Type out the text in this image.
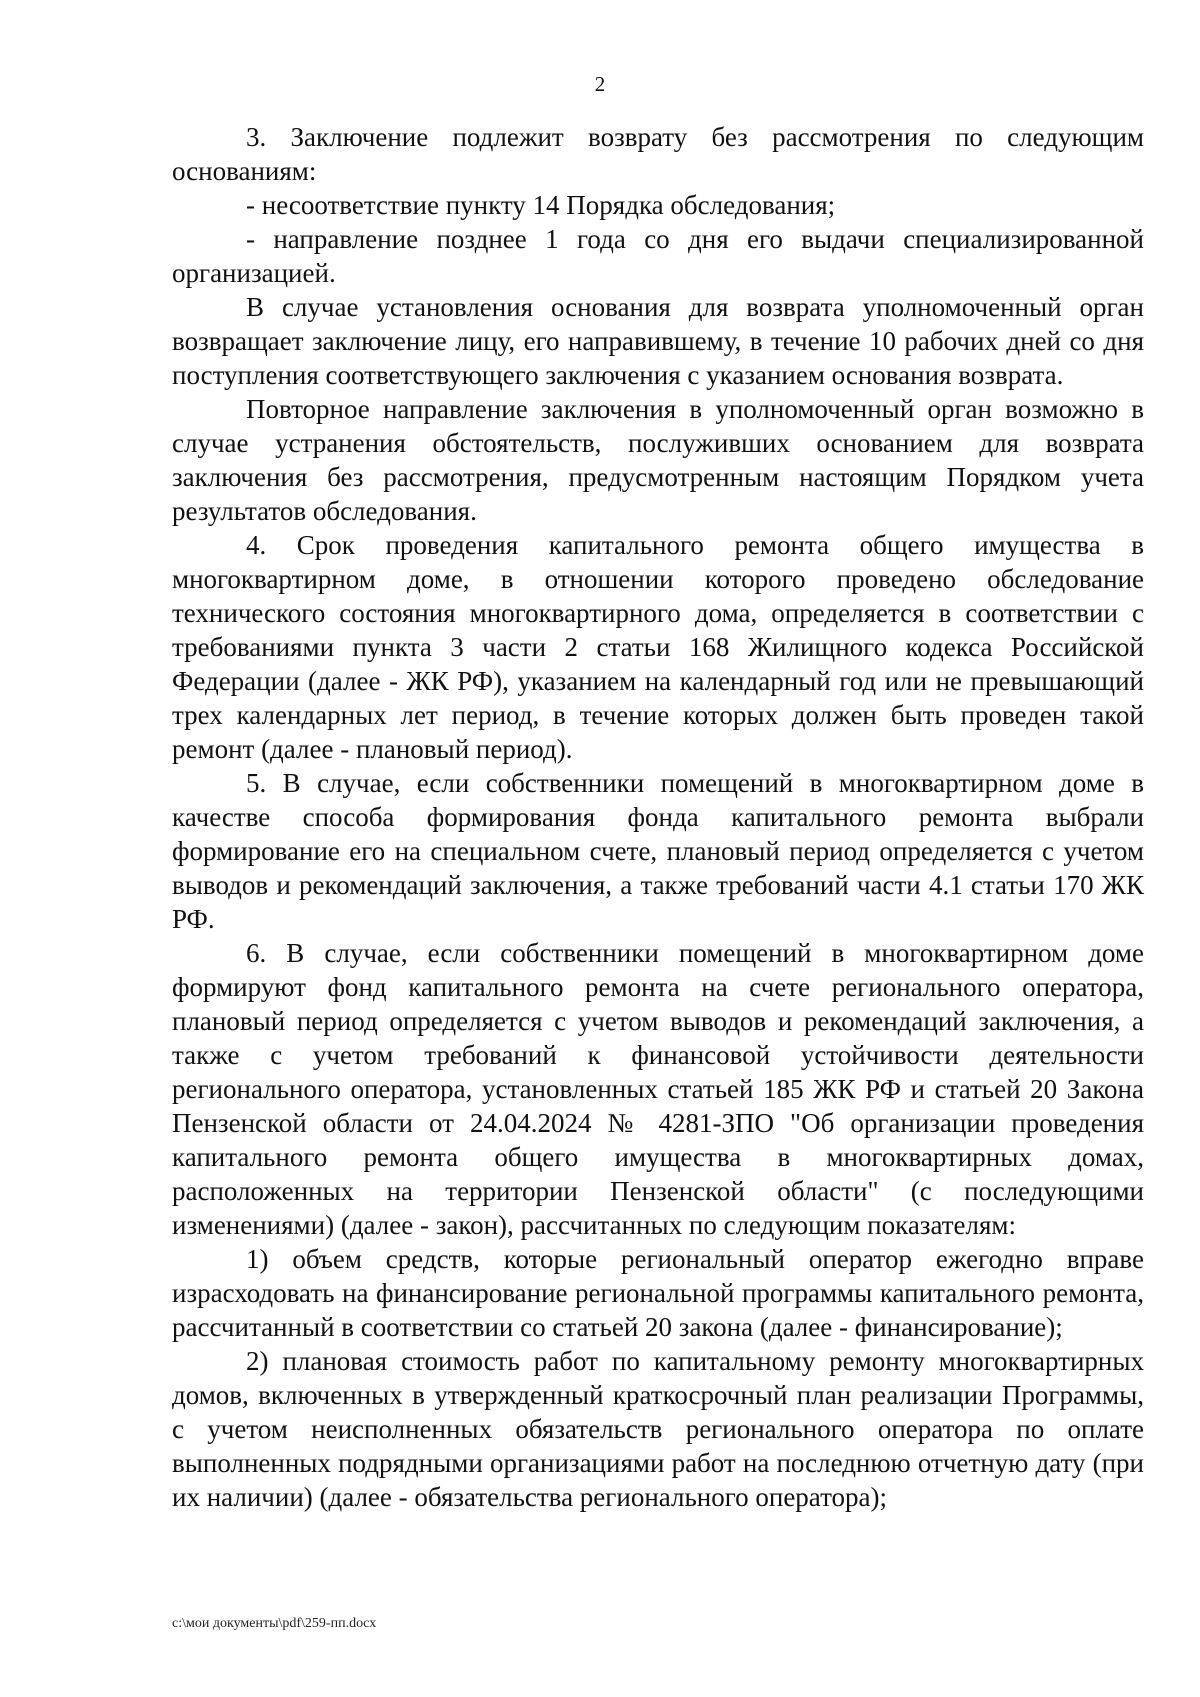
2

3. Заключение подлежит возврату без рассмотрения по следующим основаниям:

- несоответствие пункту 14 Порядка обследования;

- направление позднее 1 года со дня его выдачи специализированной организацией.

В случае установления основания для возврата уполномоченный орган возвращает заключение лицу, его направившему, в течение 10 рабочих дней со дня поступления соответствующего заключения с указанием основания возврата.

Повторное направление заключения в уполномоченный орган возможно в случае устранения обстоятельств, послуживших основанием для возврата заключения без рассмотрения, предусмотренным настоящим Порядком учета результатов обследования.

4. Срок проведения капитального ремонта общего имущества в многоквартирном доме, в отношении которого проведено обследование технического состояния многоквартирного дома, определяется в соответствии с требованиями пункта 3 части 2 статьи 168 Жилищного кодекса Российской Федерации (далее - ЖК РФ), указанием на календарный год или не превышающий трех календарных лет период, в течение которых должен быть проведен такой ремонт (далее - плановый период).

5. В случае, если собственники помещений в многоквартирном доме в качестве способа формирования фонда капитального ремонта выбрали формирование его на специальном счете, плановый период определяется с учетом выводов и рекомендаций заключения, а также требований части 4.1 статьи 170 ЖК РФ.

6. В случае, если собственники помещений в многоквартирном доме формируют фонд капитального ремонта на счете регионального оператора, плановый период определяется с учетом выводов и рекомендаций заключения, а также с учетом требований к финансовой устойчивости деятельности регионального оператора, установленных статьей 185 ЖК РФ и статьей 20 Закона Пензенской области от 24.04.2024 № 4281-ЗПО "Об организации проведения капитального ремонта общего имущества в многоквартирных домах, расположенных на территории Пензенской области" (с последующими изменениями) (далее - закон), рассчитанных по следующим показателям:

1) объем средств, которые региональный оператор ежегодно вправе израсходовать на финансирование региональной программы капитального ремонта, рассчитанный в соответствии со статьей 20 закона (далее - финансирование);

2) плановая стоимость работ по капитальному ремонту многоквартирных домов, включенных в утвержденный краткосрочный план реализации Программы, с учетом неисполненных обязательств регионального оператора по оплате выполненных подрядными организациями работ на последнюю отчетную дату (при их наличии) (далее - обязательства регионального оператора);

c:\мои документы\pdf\259-пп.docx
